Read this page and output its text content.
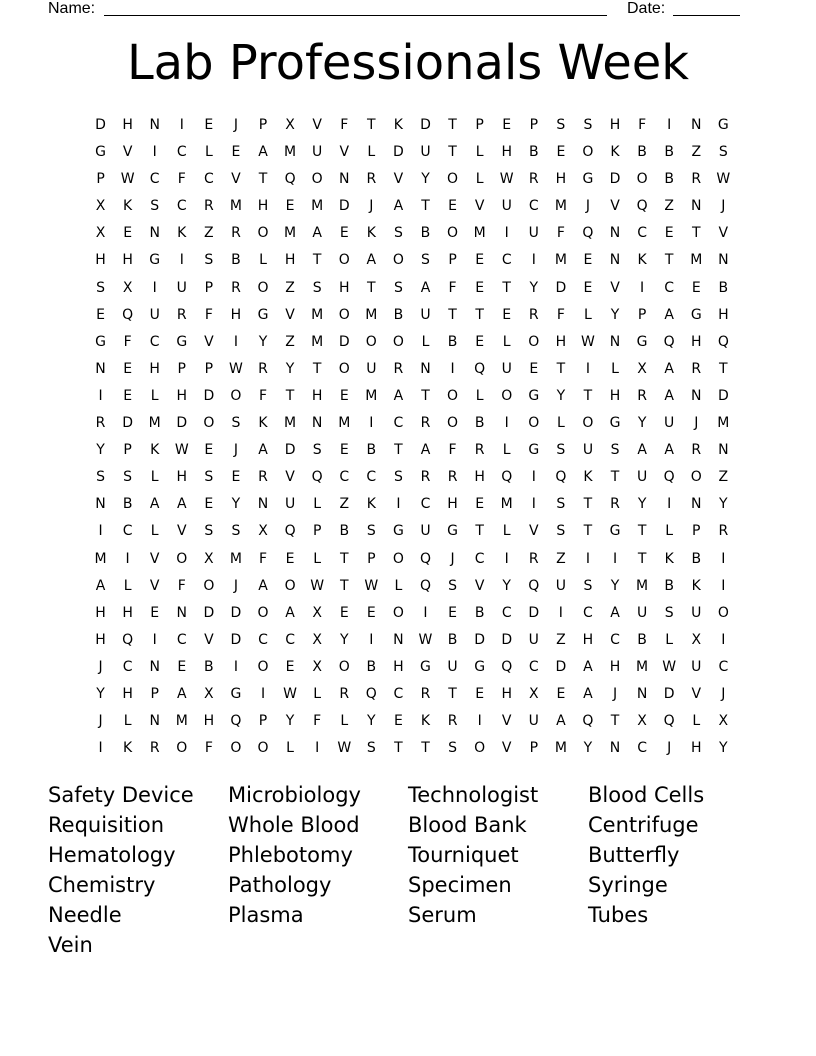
Name:	Date:
Lab Professionals Week
D	H	N	I	E	J	P	X	V	F	T	K	D	T	P	E	P	S	S	H	F	I	N	G
G	V	I	C	L	E	A	M	U	V	L	D	U	T	L	H	B	E	O	K	B	B	Z	S
P	W	C	F	C	V	T	Q	O	N	R	V	Y	O	L	W	R	H	G	D	O	B	R	W
X	K	S	C	R	M	H	E	M	D	J	A	T	E	V	U	C	M	J	V	Q	Z	N	J
X	E	N	K	Z	R	O	M	A	E	K	S	B	O	M	I	U	F	Q	N	C	E	T	V
H	H	G	I	S	B	L	H	T	O	A	O	S	P	E	C	I	M	E	N	K	T	M	N
S	X	I	U	P	R	O	Z	S	H	T	S	A	F	E	T	Y	D	E	V	I	C	E	B
E	Q	U	R	F	H	G	V	M	O	M	B	U	T	T	E	R	F	L	Y	P	A	G	H
G	F	C	G	V	I	Y	Z	M	D	O	O	L	B	E	L	O	H	W	N	G	Q	H	Q
N	E	H	P	P	W	R	Y	T	O	U	R	N	I	Q	U	E	T	I	L	X	A	R	T
I	E	L	H	D	O	F	T	H	E	M	A	T	O	L	O	G	Y	T	H	R	A	N	D
R	D	M	D	O	S	K	M	N	M	I	C	R	O	B	I	O	L	O	G	Y	U	J	M
Y	P	K	W	E	J	A	D	S	E	B	T	A	F	R	L	G	S	U	S	A	A	R	N
S	S	L	H	S	E	R	V	Q	C	C	S	R	R	H	Q	I	Q	K	T	U	Q	O	Z
N	B	A	A	E	Y	N	U	L	Z	K	I	C	H	E	M	I	S	T	R	Y	I	N	Y
I	C	L	V	S	S	X	Q	P	B	S	G	U	G	T	L	V	S	T	G	T	L	P	R
M	I	V	O	X	M	F	E	L	T	P	O	Q	J	C	I	R	Z	I	I	T	K	B	I
A	L	V	F	O	J	A	O	W	T	W	L	Q	S	V	Y	Q	U	S	Y	M	B	K	I
H	H	E	N	D	D	O	A	X	E	E	O	I	E	B	C	D	I	C	A	U	S	U	O
H	Q	I	C	V	D	C	C	X	Y	I	N	W	B	D	D	U	Z	H	C	B	L	X	I
J	C	N	E	B	I	O	E	X	O	B	H	G	U	G	Q	C	D	A	H	M	W	U	C
Y	H	P	A	X	G	I	W	L	R	Q	C	R	T	E	H	X	E	A	J	N	D	V	J
J	L	N	M	H	Q	P	Y	F	L	Y	E	K	R	I	V	U	A	Q	T	X	Q	L	X
I	K	R	O	F	O	O	L	I	W	S	T	T	S	O	V	P	M	Y	N	C	J	H	Y
Safety Device	Microbiology	Technologist	Blood Cells
Requisition	Whole Blood	Blood Bank	Centrifuge
Hematology	Phlebotomy	Tourniquet	Butterfly
Chemistry	Pathology	Specimen	Syringe
Needle	Plasma	Serum	Tubes
Vein
